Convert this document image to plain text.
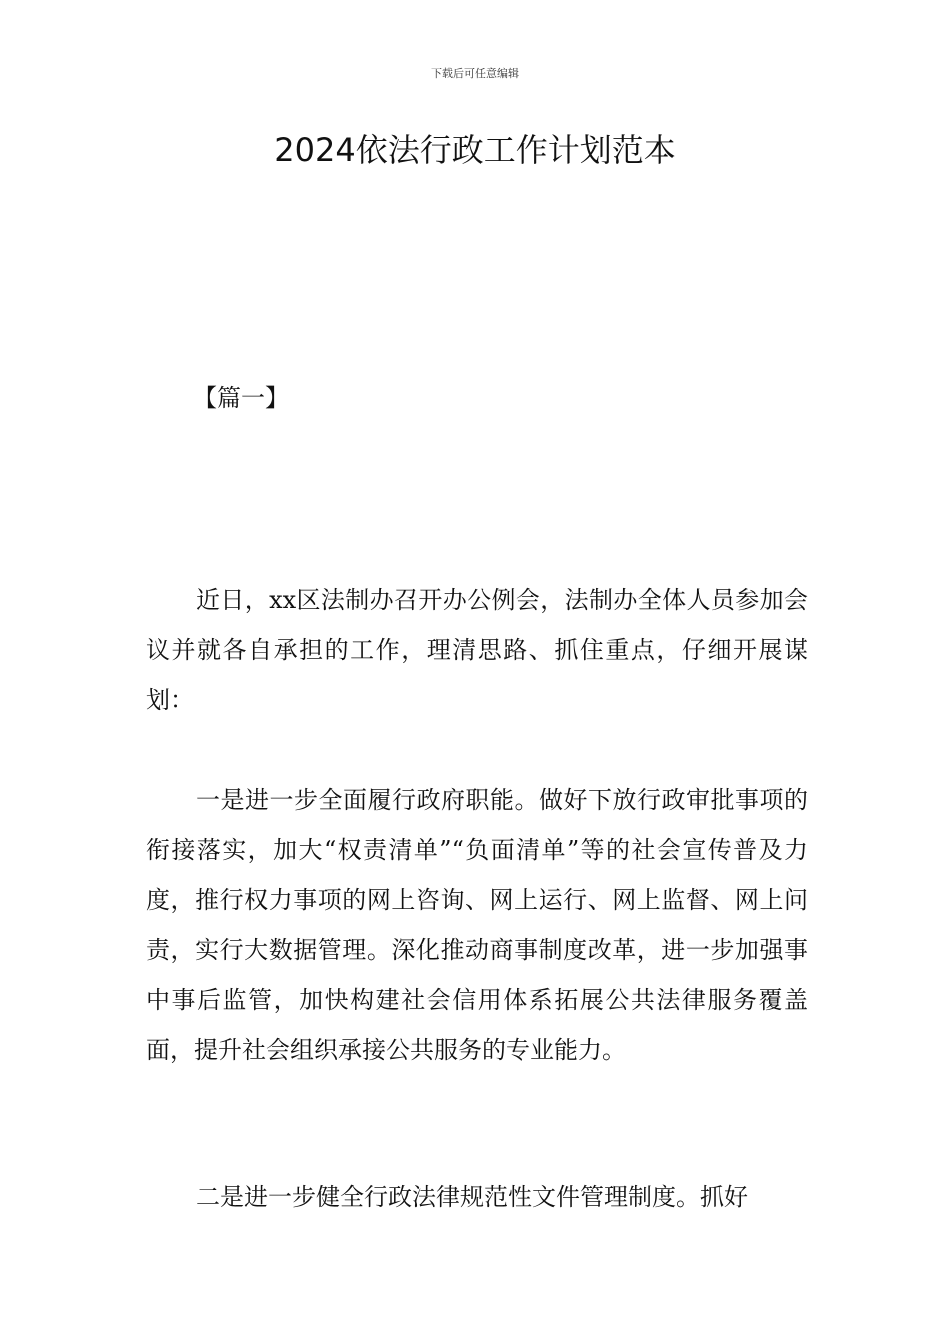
下载后可任意编辑
2024依法行政工作计划范本
【篇一】

近日，xx区法制办召开办公例会，法制办全体人员参加会议并就各自承担的工作，理清思路、抓住重点，仔细开展谋划：

一是进一步全面履行政府职能。做好下放行政审批事项的衔接落实，加大“权责清单”“负面清单”等的社会宣传普及力度，推行权力事项的网上咨询、网上运行、网上监督、网上问责，实行大数据管理。深化推动商事制度改革，进一步加强事中事后监管，加快构建社会信用体系拓展公共法律服务覆盖面，提升社会组织承接公共服务的专业能力。

二是进一步健全行政法律规范性文件管理制度。抓好
